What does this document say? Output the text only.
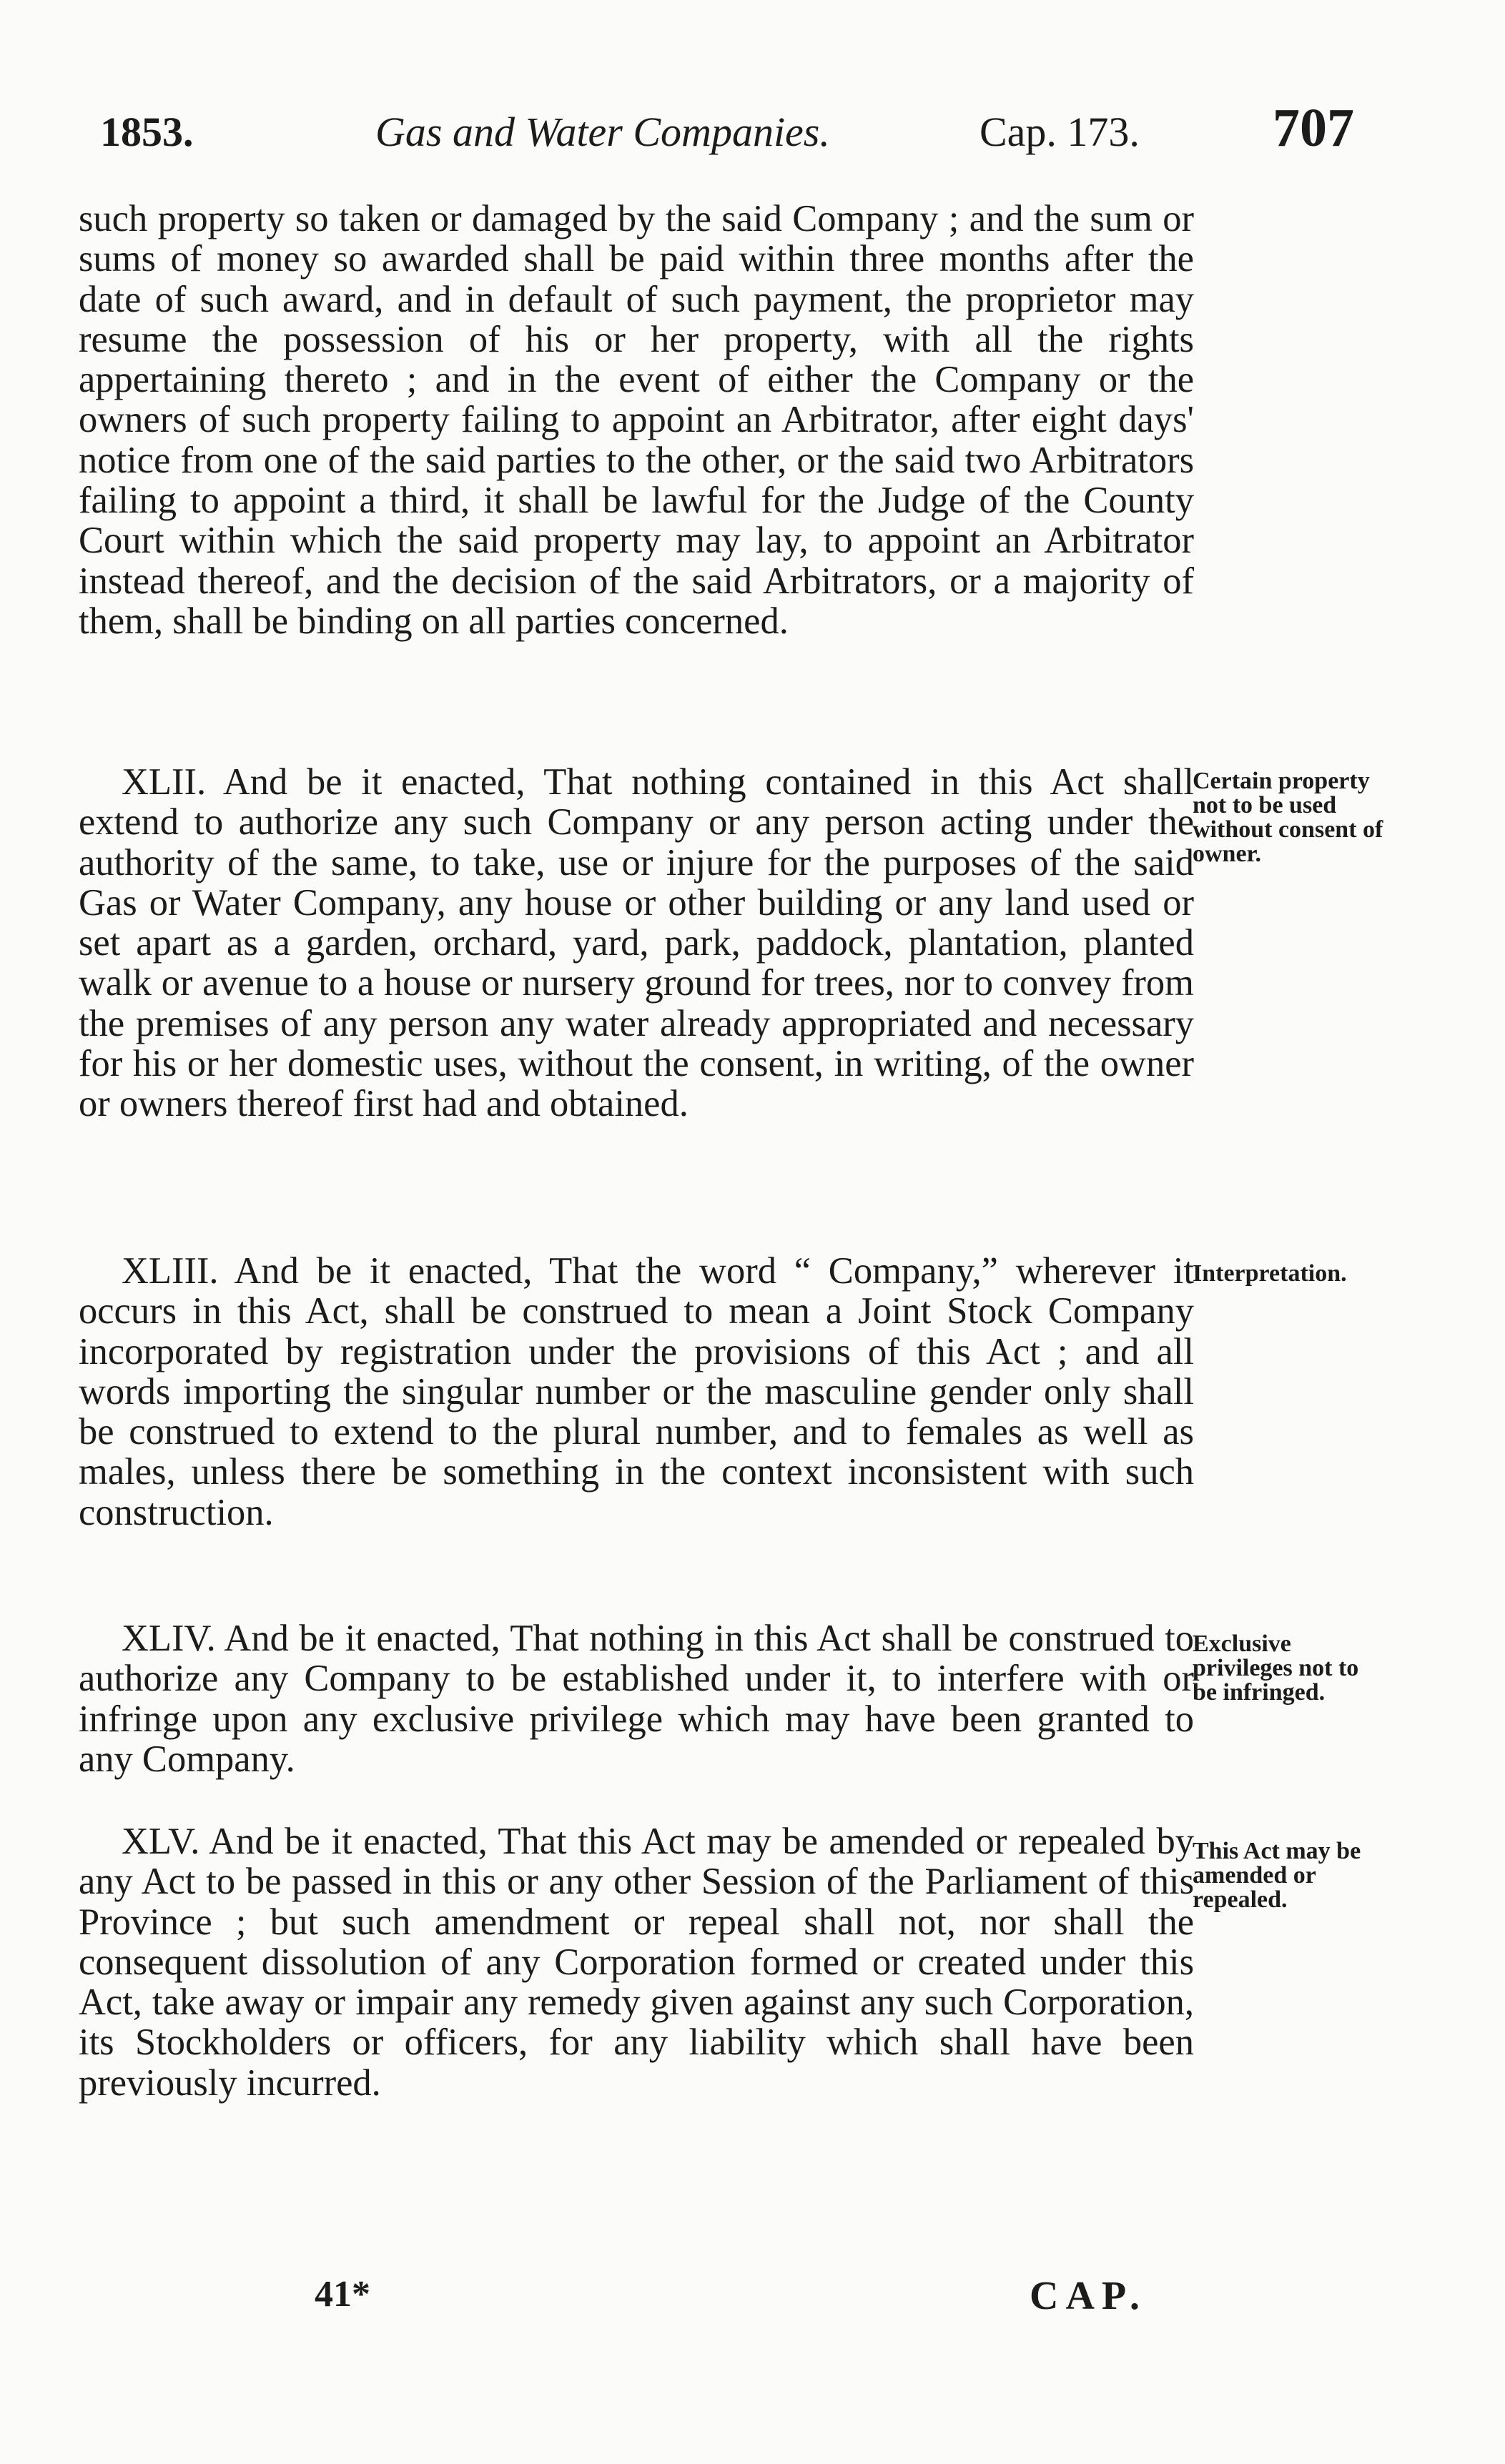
1853.	Gas and Water Companies.	Cap. 173. 707

such property so taken or damaged by the said Company ; and the sum or sums of money so awarded shall be paid within three months after the date of such award, and in default of such payment, the proprietor may resume the possession of his or her property, with all the rights appertaining thereto ; and in the event of either the Company or the owners of such property failing to appoint an Arbitrator, after eight days' notice from one of the said parties to the other, or the said two Arbitrators failing to appoint a third, it shall be lawful for the Judge of the County Court within which the said property may lay, to appoint an Arbitrator instead thereof, and the decision of the said Arbitrators, or a majority of them, shall be binding on all parties concerned.

XLII. And be it enacted, That nothing contained in this Act shall extend to authorize any such Company or any person acting under the authority of the same, to take, use or injure for the purposes of the said Gas or Water Company, any house or other building or any land used or set apart as a garden, orchard, yard, park, paddock, plantation, planted walk or avenue to a house or nursery ground for trees, nor to convey from the premises of any person any water already appropriated and necessary for his or her domestic uses, without the consent, in writing, of the owner or owners thereof first had and obtained.

Certain property not to be used without consent of owner.

XLIII. And be it enacted, That the word “ Company,” wherever it occurs in this Act, shall be construed to mean a Joint Stock Company incorporated by registration under the provisions of this Act ; and all words importing the singular number or the masculine gender only shall be construed to extend to the plural number, and to females as well as males, unless there be something in the context inconsistent with such construction.

Interpretation.

XLIV. And be it enacted, That nothing in this Act shall be construed to authorize any Company to be established under it, to interfere with or infringe upon any exclusive privilege which may have been granted to any Company.

Exclusive privileges not to be infringed.

XLV. And be it enacted, That this Act may be amended or repealed by any Act to be passed in this or any other Session of the Parliament of this Province ; but such amendment or repeal shall not, nor shall the consequent dissolution of any Corporation formed or created under this Act, take away or impair any remedy given against any such Corporation, its Stockholders or officers, for any liability which shall have been previously incurred.

This Act may be amended or repealed.
41*	CAP.
